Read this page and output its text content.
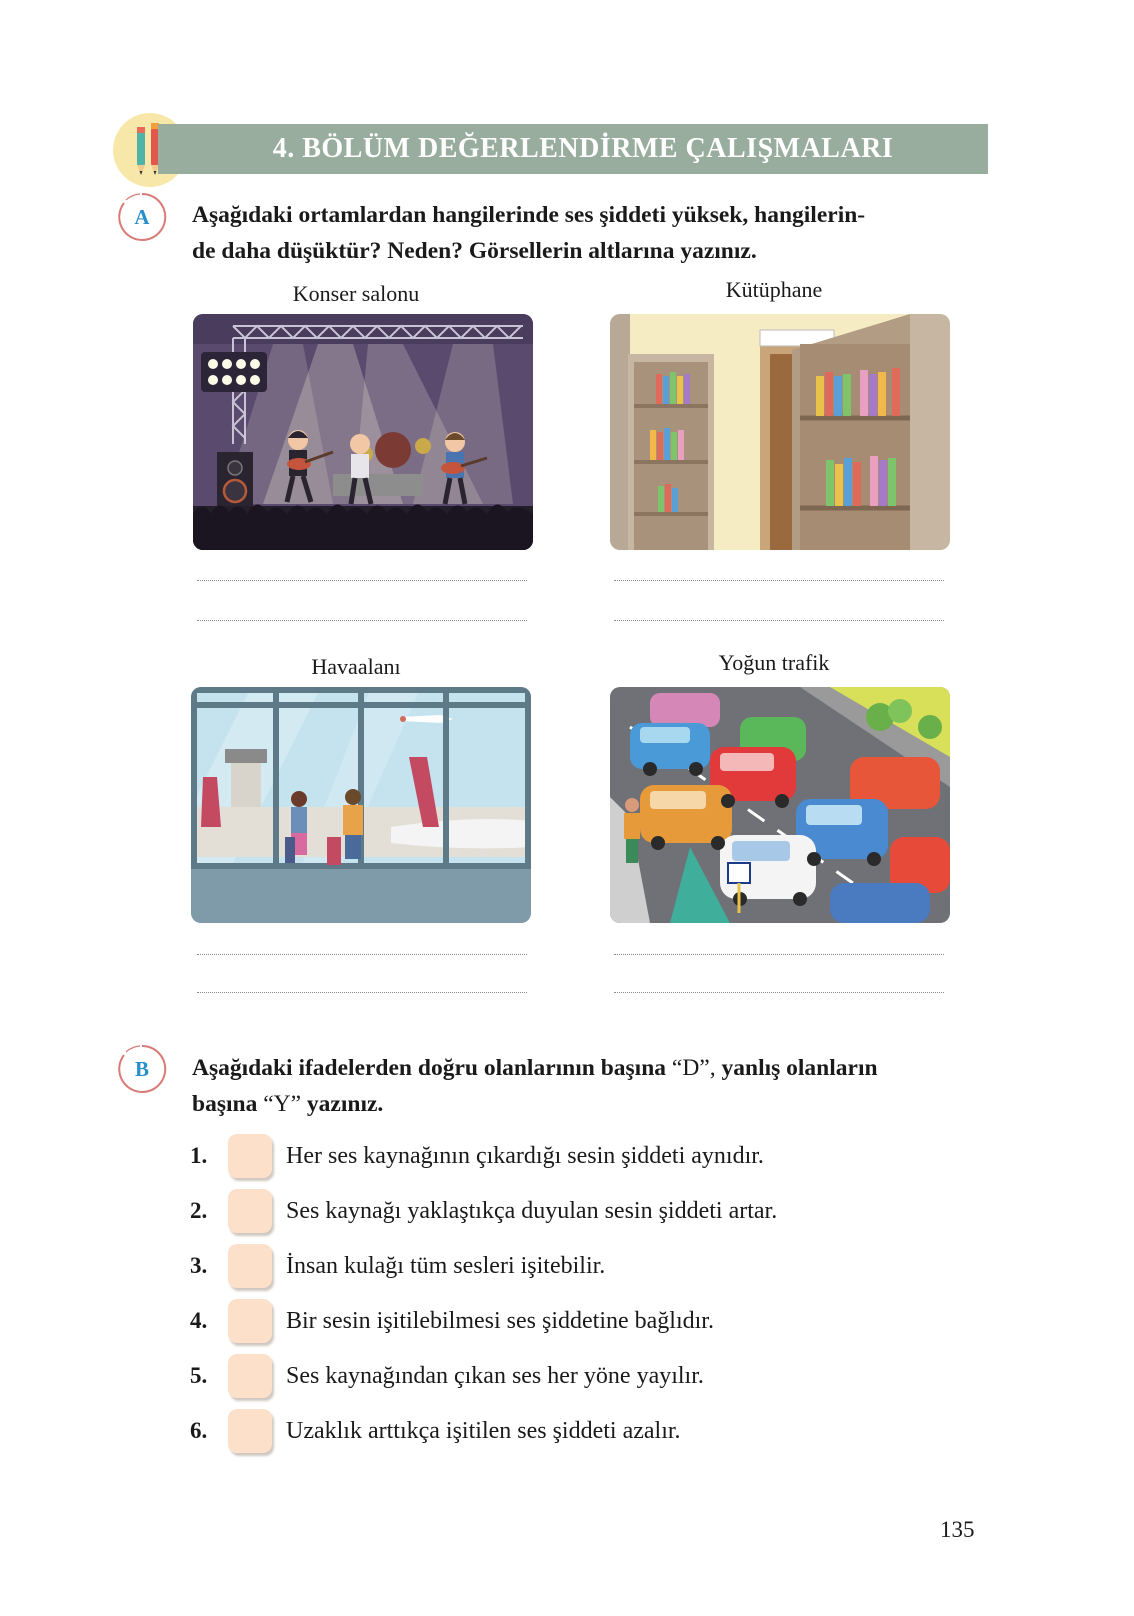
4. BÖLÜM DEĞERLENDİRME ÇALIŞMALARI
A	Aşağıdaki ortamlardan hangilerinde ses şiddeti yüksek, hangilerin-
de daha düşüktür? Neden? Görsellerin altlarına yazınız.
Konser salonu	Kütüphane
Havaalanı	Yoğun trafik
B	Aşağıdaki ifadelerden doğru olanlarının başına “D”, yanlış olanların
başına “Y” yazınız.
1.	Her ses kaynağının çıkardığı sesin şiddeti aynıdır.
2.	Ses kaynağı yaklaştıkça duyulan sesin şiddeti artar.
3.	İnsan kulağı tüm sesleri işitebilir.
4.	Bir sesin işitilebilmesi ses şiddetine bağlıdır.
5.	Ses kaynağından çıkan ses her yöne yayılır.
6.	Uzaklık arttıkça işitilen ses şiddeti azalır.
135
